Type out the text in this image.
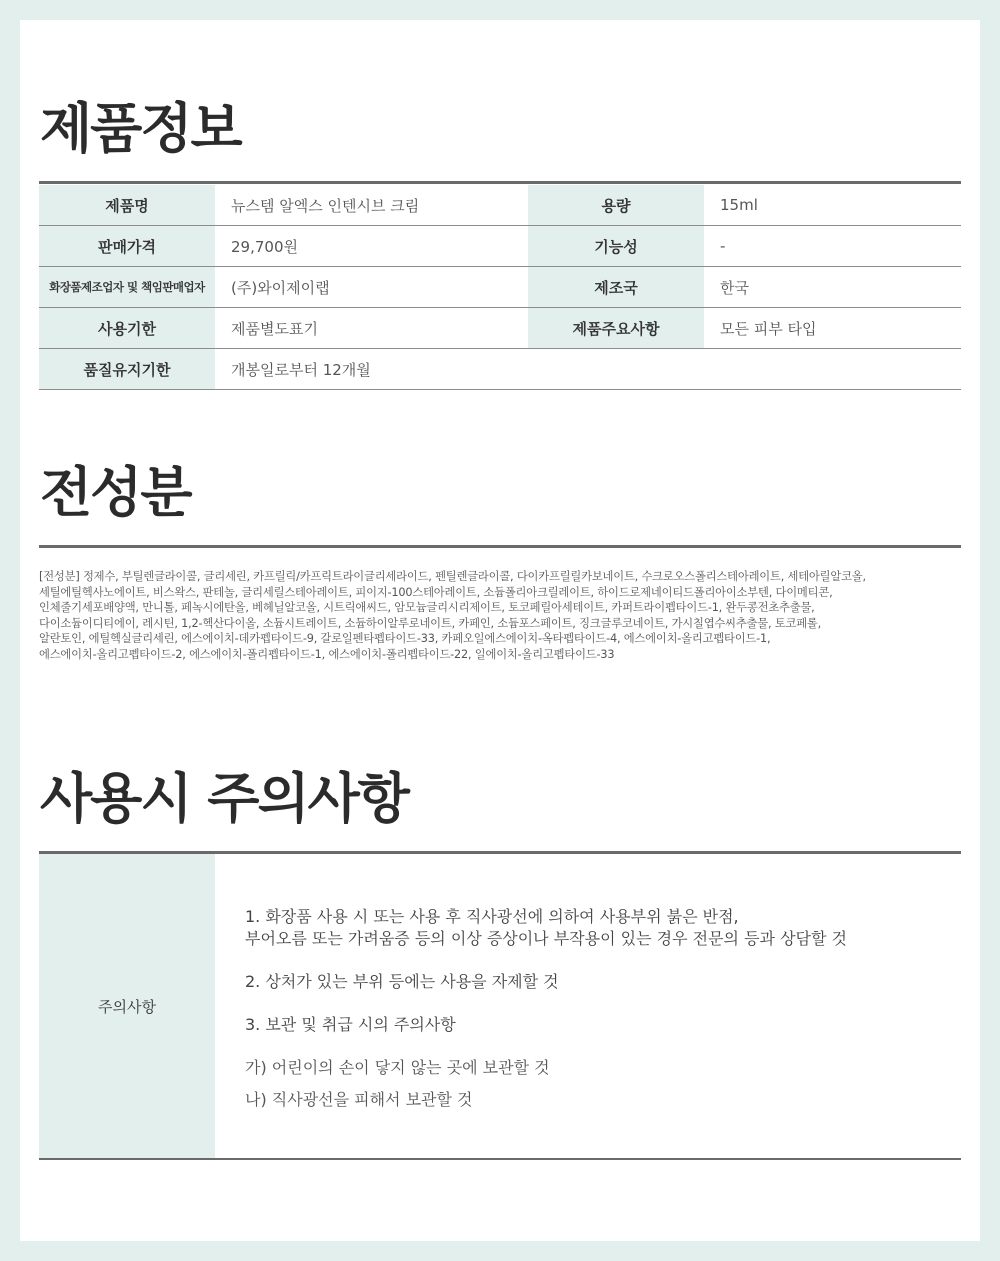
제품정보
제품명	뉴스템 알엑스 인텐시브 크림	용량	15ml
판매가격	29,700원	기능성	-
화장품제조업자 및 책임판매업자	(주)와이제이랩	제조국	한국
사용기한	제품별도표기	제품주요사항	모든 피부 타입
품질유지기한	개봉일로부터 12개월		
전성분
[전성분] 정제수, 부틸렌글라이콜, 글리세린, 카프릴릭/카프릭트라이글리세라이드, 펜틸렌글라이콜, 다이카프릴릴카보네이트, 수크로오스폴리스테아레이트, 세테아릴알코올,
세틸에틸헥사노에이트, 비스왁스, 판테놀, 글리세릴스테아레이트, 피이지-100스테아레이트, 소듐폴리아크릴레이트, 하이드로제네이티드폴리아이소부텐, 다이메티콘,
인체줄기세포배양액, 만니톨, 페녹시에탄올, 베헤닐알코올, 시트릭애씨드, 암모늄글리시리제이트, 토코페릴아세테이트, 카퍼트라이펩타이드-1, 완두콩전초추출물,
다이소듐이디티에이, 레시틴, 1,2-헥산다이올, 소듐시트레이트, 소듐하이알루로네이트, 카페인, 소듐포스페이트, 징크글루코네이트, 가시칠엽수씨추출물, 토코페롤,
알란토인, 에틸헥실글리세린, 에스에이치-데카펩타이드-9, 갈로일펜타펩타이드-33, 카페오일에스에이치-옥타펩타이드-4, 에스에이치-올리고펩타이드-1,
에스에이치-올리고펩타이드-2, 에스에이치-폴리펩타이드-1, 에스에이치-폴리펩타이드-22, 일에이치-올리고펩타이드-33
사용시 주의사항
주의사항
1. 화장품 사용 시 또는 사용 후 직사광선에 의하여 사용부위 붉은 반점,
부어오름 또는 가려움증 등의 이상 증상이나 부작용이 있는 경우 전문의 등과 상담할 것
2. 상처가 있는 부위 등에는 사용을 자제할 것
3. 보관 및 취급 시의 주의사항
가) 어린이의 손이 닿지 않는 곳에 보관할 것
나) 직사광선을 피해서 보관할 것
